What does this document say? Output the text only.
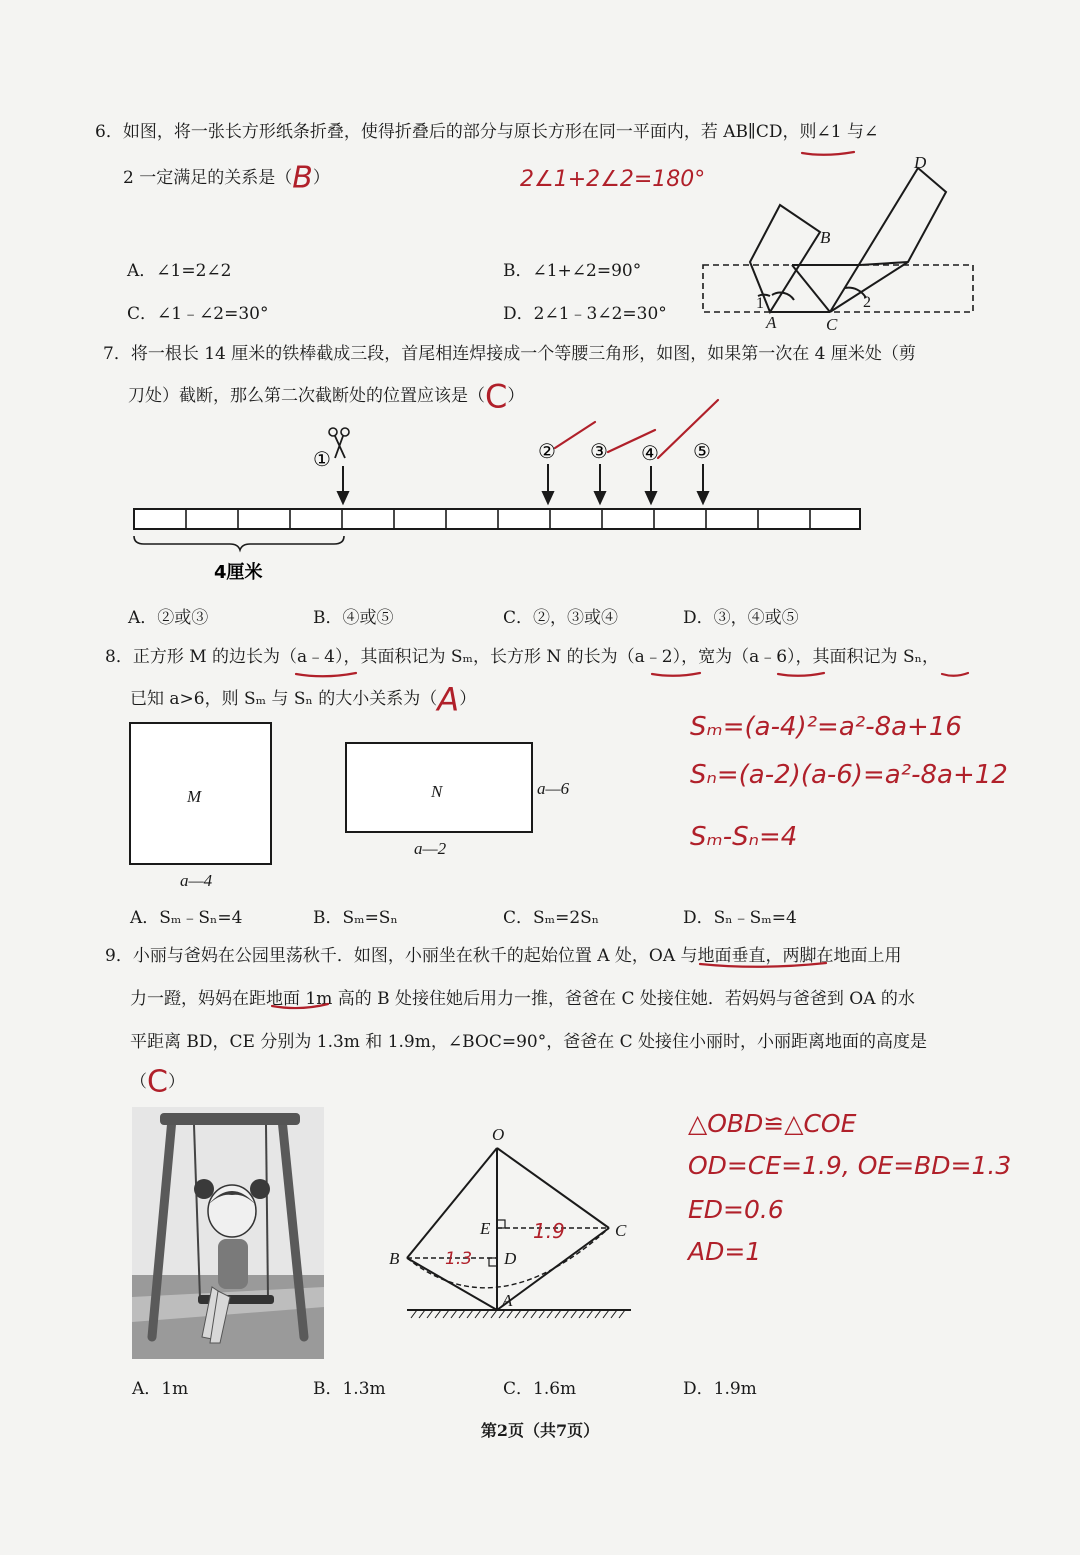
6．如图，将一张长方形纸条折叠，使得折叠后的部分与原长方形在同一平面内，若 AB∥CD，则∠1 与∠
2 一定满足的关系是（B）	2∠1+2∠2=180°
1	2
A	C
B
D
A．∠1=2∠2	B．∠1+∠2=90°
C．∠1﹣∠2=30°	D．2∠1﹣3∠2=30°
7．将一根长 14 厘米的铁棒截成三段，首尾相连焊接成一个等腰三角形，如图，如果第一次在 4 厘米处（剪
刀处）截断，那么第二次截断处的位置应该是（C）
①	② ③ ④ ⑤
4厘米
A．②或③	B．④或⑤	C．②，③或④	D．③，④或⑤
8．正方形 M 的边长为（a﹣4），其面积记为 Sₘ，长方形 N 的长为（a﹣2），宽为（a﹣6），其面积记为 Sₙ，
已知 a>6，则 Sₘ 与 Sₙ 的大小关系为（A）
M
a—4
N	a—6
a—2
Sₘ=(a-4)²=a²-8a+16
Sₙ=(a-2)(a-6)=a²-8a+12
Sₘ-Sₙ=4
A．Sₘ﹣Sₙ=4	B．Sₘ=Sₙ	C．Sₘ=2Sₙ	D．Sₙ﹣Sₘ=4
9．小丽与爸妈在公园里荡秋千．如图，小丽坐在秋千的起始位置 A 处，OA 与地面垂直，两脚在地面上用
力一蹬，妈妈在距地面 1m 高的 B 处接住她后用力一推，爸爸在 C 处接住她．若妈妈与爸爸到 OA 的水
平距离 BD，CE 分别为 1.3m 和 1.9m，∠BOC=90°，爸爸在 C 处接住小丽时，小丽距离地面的高度是
（C）
O
E
D
B
C
A
1.3
1.9
△OBD≌△COE
OD=CE=1.9, OE=BD=1.3
ED=0.6
AD=1
A．1m	B．1.3m	C．1.6m	D．1.9m
第2页（共7页）
